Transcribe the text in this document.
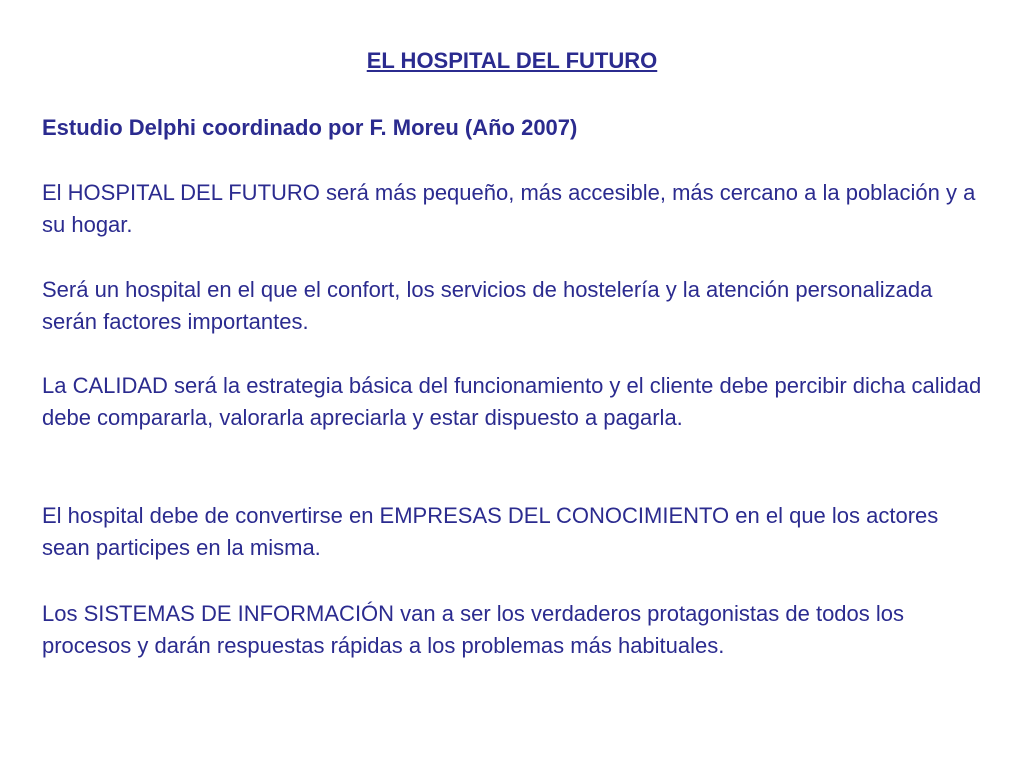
EL HOSPITAL DEL FUTURO
Estudio Delphi coordinado por F. Moreu (Año 2007)
El HOSPITAL DEL FUTURO será más pequeño, más accesible, más cercano a la población y a su hogar.
Será un hospital en el que el confort, los servicios de hostelería y la atención personalizada serán factores importantes.
La CALIDAD será la estrategia básica del funcionamiento y el cliente debe percibir dicha calidad debe compararla, valorarla apreciarla y estar dispuesto a pagarla.
El hospital debe de convertirse en EMPRESAS DEL CONOCIMIENTO en el que los actores sean participes en la misma.
Los SISTEMAS DE INFORMACIÓN van a ser los verdaderos protagonistas de todos los procesos y darán respuestas rápidas a los problemas más habituales.
